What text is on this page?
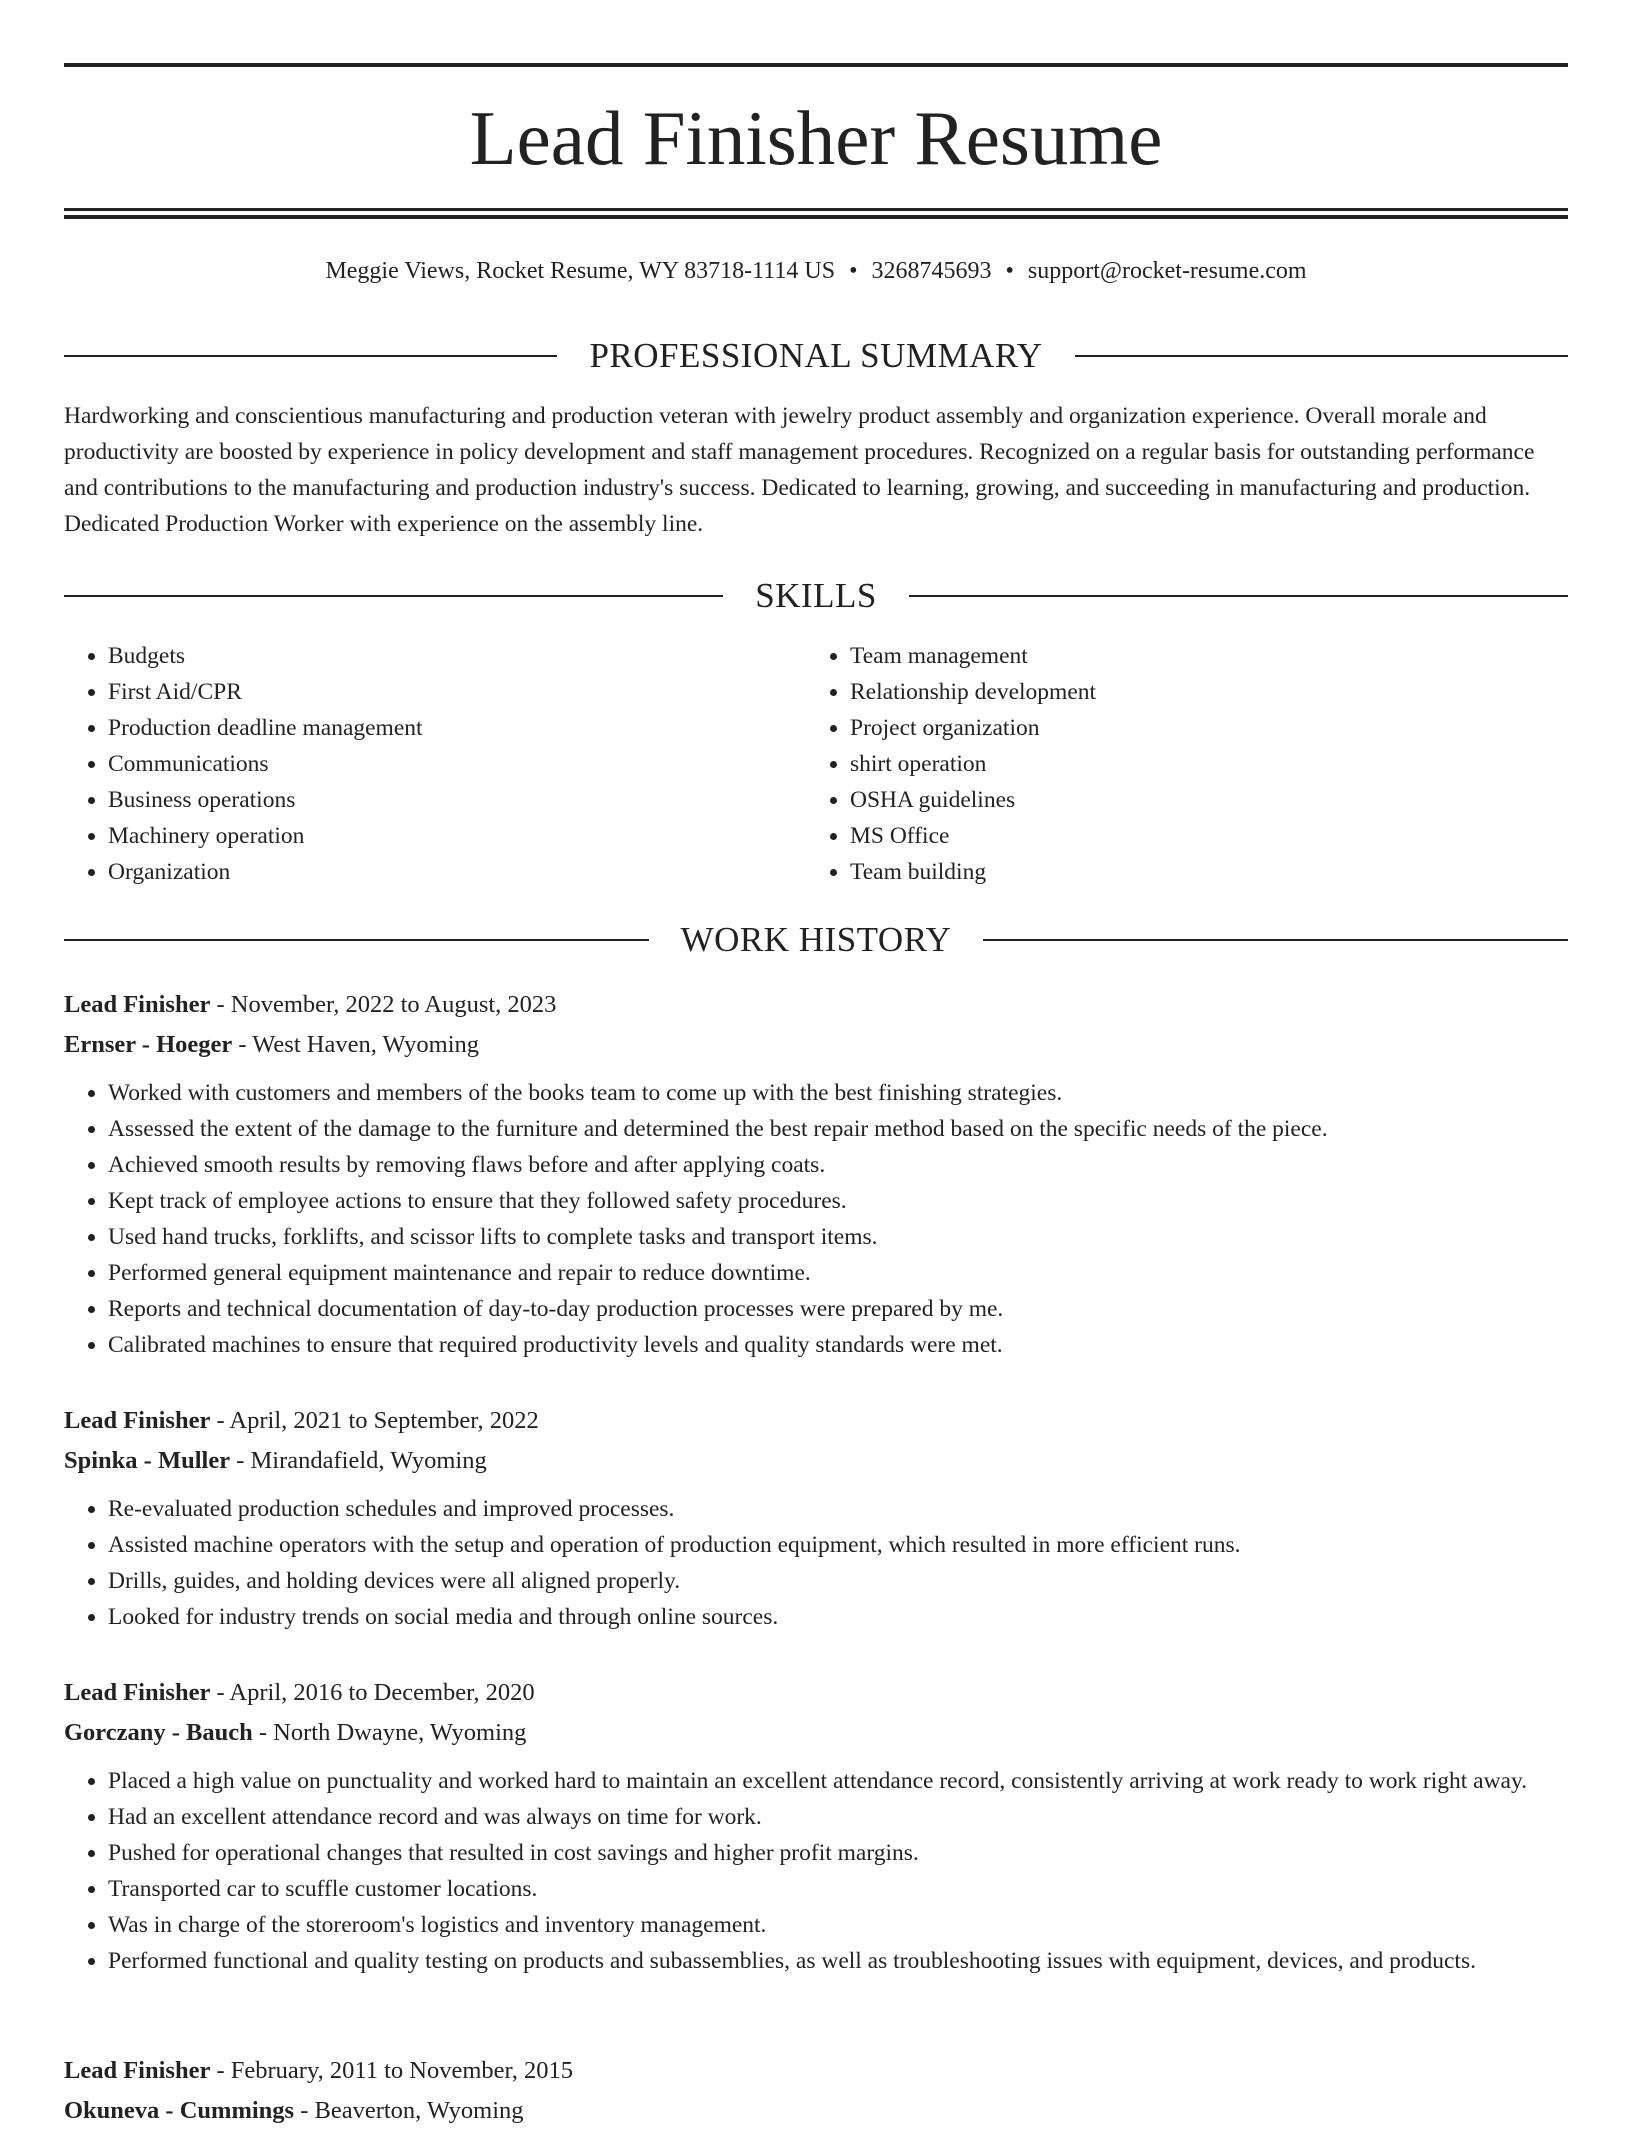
Lead Finisher Resume
Meggie Views, Rocket Resume, WY 83718-1114 US • 3268745693 • support@rocket-resume.com
PROFESSIONAL SUMMARY

Hardworking and conscientious manufacturing and production veteran with jewelry product assembly and organization experience. Overall morale and productivity are boosted by experience in policy development and staff management procedures. Recognized on a regular basis for outstanding performance and contributions to the manufacturing and production industry's success. Dedicated to learning, growing, and succeeding in manufacturing and production. Dedicated Production Worker with experience on the assembly line.

SKILLS
• Budgets
• First Aid/CPR
• Production deadline management
• Communications
• Business operations
• Machinery operation
• Organization
• Team management
• Relationship development
• Project organization
• shirt operation
• OSHA guidelines
• MS Office
• Team building
WORK HISTORY
Lead Finisher - November, 2022 to August, 2023
Ernser - Hoeger - West Haven, Wyoming
• Worked with customers and members of the books team to come up with the best finishing strategies.
• Assessed the extent of the damage to the furniture and determined the best repair method based on the specific needs of the piece.
• Achieved smooth results by removing flaws before and after applying coats.
• Kept track of employee actions to ensure that they followed safety procedures.
• Used hand trucks, forklifts, and scissor lifts to complete tasks and transport items.
• Performed general equipment maintenance and repair to reduce downtime.
• Reports and technical documentation of day-to-day production processes were prepared by me.
• Calibrated machines to ensure that required productivity levels and quality standards were met.
Lead Finisher - April, 2021 to September, 2022
Spinka - Muller - Mirandafield, Wyoming
• Re-evaluated production schedules and improved processes.
• Assisted machine operators with the setup and operation of production equipment, which resulted in more efficient runs.
• Drills, guides, and holding devices were all aligned properly.
• Looked for industry trends on social media and through online sources.
Lead Finisher - April, 2016 to December, 2020
Gorczany - Bauch - North Dwayne, Wyoming
• Placed a high value on punctuality and worked hard to maintain an excellent attendance record, consistently arriving at work ready to work right away.
• Had an excellent attendance record and was always on time for work.
• Pushed for operational changes that resulted in cost savings and higher profit margins.
• Transported car to scuffle customer locations.
• Was in charge of the storeroom's logistics and inventory management.
• Performed functional and quality testing on products and subassemblies, as well as troubleshooting issues with equipment, devices, and products.
Lead Finisher - February, 2011 to November, 2015
Okuneva - Cummings - Beaverton, Wyoming
